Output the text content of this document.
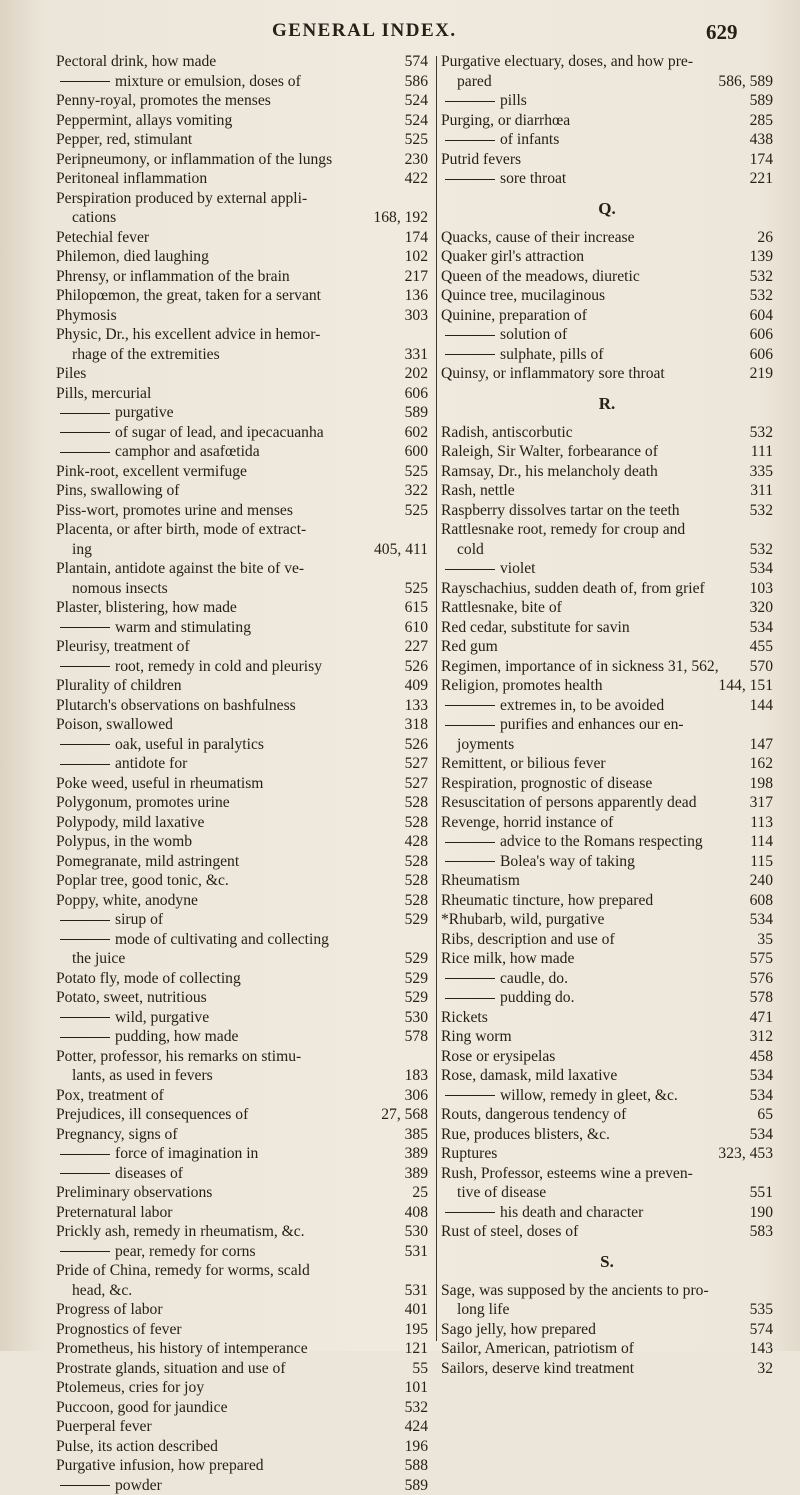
GENERAL INDEX.	629
Pectoral drink, how made	574
mixture or emulsion, doses of	586
Penny-royal, promotes the menses	524
Peppermint, allays vomiting	524
Pepper, red, stimulant	525
Peripneumony, or inflammation of the lungs	230
Peritoneal inflammation	422
Perspiration produced by external appli-
cations	168, 192
Petechial fever	174
Philemon, died laughing	102
Phrensy, or inflammation of the brain	217
Philopœmon, the great, taken for a servant	136
Phymosis	303
Physic, Dr., his excellent advice in hemor-
rhage of the extremities	331
Piles	202
Pills, mercurial	606
purgative	589
of sugar of lead, and ipecacuanha	602
camphor and asafœtida	600
Pink-root, excellent vermifuge	525
Pins, swallowing of	322
Piss-wort, promotes urine and menses	525
Placenta, or after birth, mode of extract-
ing	405, 411
Plantain, antidote against the bite of ve-
nomous insects	525
Plaster, blistering, how made	615
warm and stimulating	610
Pleurisy, treatment of	227
root, remedy in cold and pleurisy	526
Plurality of children	409
Plutarch's observations on bashfulness	133
Poison, swallowed	318
oak, useful in paralytics	526
antidote for	527
Poke weed, useful in rheumatism	527
Polygonum, promotes urine	528
Polypody, mild laxative	528
Polypus, in the womb	428
Pomegranate, mild astringent	528
Poplar tree, good tonic, &c.	528
Poppy, white, anodyne	528
sirup of	529
mode of cultivating and collecting
the juice	529
Potato fly, mode of collecting	529
Potato, sweet, nutritious	529
wild, purgative	530
pudding, how made	578
Potter, professor, his remarks on stimu-
lants, as used in fevers	183
Pox, treatment of	306
Prejudices, ill consequences of	27, 568
Pregnancy, signs of	385
force of imagination in	389
diseases of	389
Preliminary observations	25
Preternatural labor	408
Prickly ash, remedy in rheumatism, &c.	530
pear, remedy for corns	531
Pride of China, remedy for worms, scald
head, &c.	531
Progress of labor	401
Prognostics of fever	195
Prometheus, his history of intemperance	121
Prostrate glands, situation and use of	55
Ptolemeus, cries for joy	101
Puccoon, good for jaundice	532
Puerperal fever	424
Pulse, its action described	196
Purgative infusion, how prepared	588
powder	589
Purgative electuary, doses, and how pre-
pared	586, 589
pills	589
Purging, or diarrhœa	285
of infants	438
Putrid fevers	174
sore throat	221
Q.
Quacks, cause of their increase	26
Quaker girl's attraction	139
Queen of the meadows, diuretic	532
Quince tree, mucilaginous	532
Quinine, preparation of	604
solution of	606
sulphate, pills of	606
Quinsy, or inflammatory sore throat	219
R.
Radish, antiscorbutic	532
Raleigh, Sir Walter, forbearance of	111
Ramsay, Dr., his melancholy death	335
Rash, nettle	311
Raspberry dissolves tartar on the teeth	532
Rattlesnake root, remedy for croup and
cold	532
violet	534
Rayschachius, sudden death of, from grief	103
Rattlesnake, bite of	320
Red cedar, substitute for savin	534
Red gum	455
Regimen, importance of in sickness 31, 562,	570
Religion, promotes health	144, 151
extremes in, to be avoided	144
purifies and enhances our en-
joyments	147
Remittent, or bilious fever	162
Respiration, prognostic of disease	198
Resuscitation of persons apparently dead	317
Revenge, horrid instance of	113
advice to the Romans respecting	114
Bolea's way of taking	115
Rheumatism	240
Rheumatic tincture, how prepared	608
*Rhubarb, wild, purgative	534
Ribs, description and use of	35
Rice milk, how made	575
caudle, do.	576
pudding do.	578
Rickets	471
Ring worm	312
Rose or erysipelas	458
Rose, damask, mild laxative	534
willow, remedy in gleet, &c.	534
Routs, dangerous tendency of	65
Rue, produces blisters, &c.	534
Ruptures	323, 453
Rush, Professor, esteems wine a preven-
tive of disease	551
his death and character	190
Rust of steel, doses of	583
S.
Sage, was supposed by the ancients to pro-
long life	535
Sago jelly, how prepared	574
Sailor, American, patriotism of	143
Sailors, deserve kind treatment	32
